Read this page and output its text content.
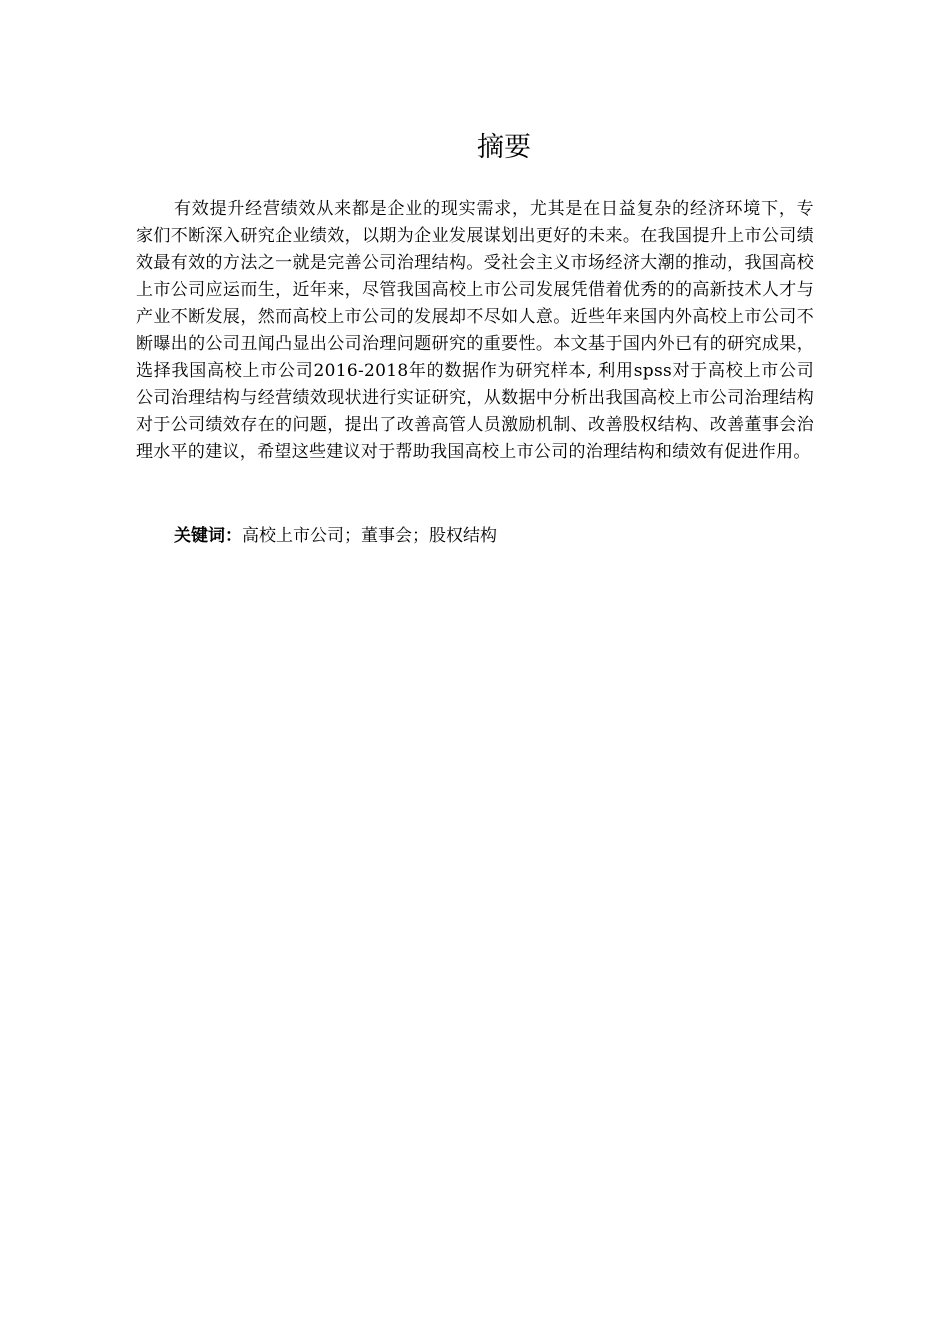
摘要

有效提升经营绩效从来都是企业的现实需求，尤其是在日益复杂的经济环境下，专家们不断深入研究企业绩效，以期为企业发展谋划出更好的未来。在我国提升上市公司绩效最有效的方法之一就是完善公司治理结构。受社会主义市场经济大潮的推动，我国高校上市公司应运而生，近年来，尽管我国高校上市公司发展凭借着优秀的的高新技术人才与产业不断发展，然而高校上市公司的发展却不尽如人意。近些年来国内外高校上市公司不断曝出的公司丑闻凸显出公司治理问题研究的重要性。本文基于国内外已有的研究成果，选择我国高校上市公司2016-2018年的数据作为研究样本, 利用spss对于高校上市公司公司治理结构与经营绩效现状进行实证研究，从数据中分析出我国高校上市公司治理结构对于公司绩效存在的问题，提出了改善高管人员激励机制、改善股权结构、改善董事会治理水平的建议，希望这些建议对于帮助我国高校上市公司的治理结构和绩效有促进作用。

关键词：高校上市公司；董事会；股权结构
